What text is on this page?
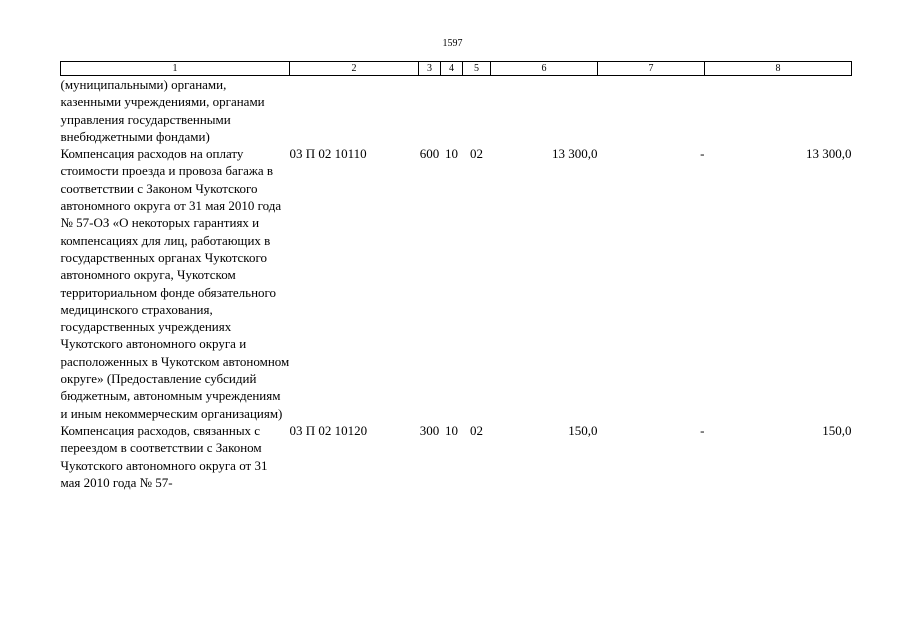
1597
1	2	3	4	5	6	7	8
(муниципальными) органами, казенными учреждениями, органами управления государственными внебюджетными фондами)							
Компенсация расходов на оплату стоимости проезда и провоза багажа в соответствии с Законом Чукотского автономного округа от 31 мая 2010 года № 57-ОЗ «О некоторых гарантиях и компенсациях для лиц, работающих в государственных органах Чукотского автономного округа, Чукотском территориальном фонде обязательного медицинского страхования, государственных учреждениях Чукотского автономного округа и расположенных в Чукотском автономном округе» (Предоставление субсидий бюджетным, автономным учреждениям и иным некоммерческим организациям)	03 П 02 10110	600	10	02	13 300,0	-	13 300,0
Компенсация расходов, связанных с переездом в соответствии с Законом Чукотского автономного округа от 31 мая 2010 года № 57-	03 П 02 10120	300	10	02	150,0	-	150,0
